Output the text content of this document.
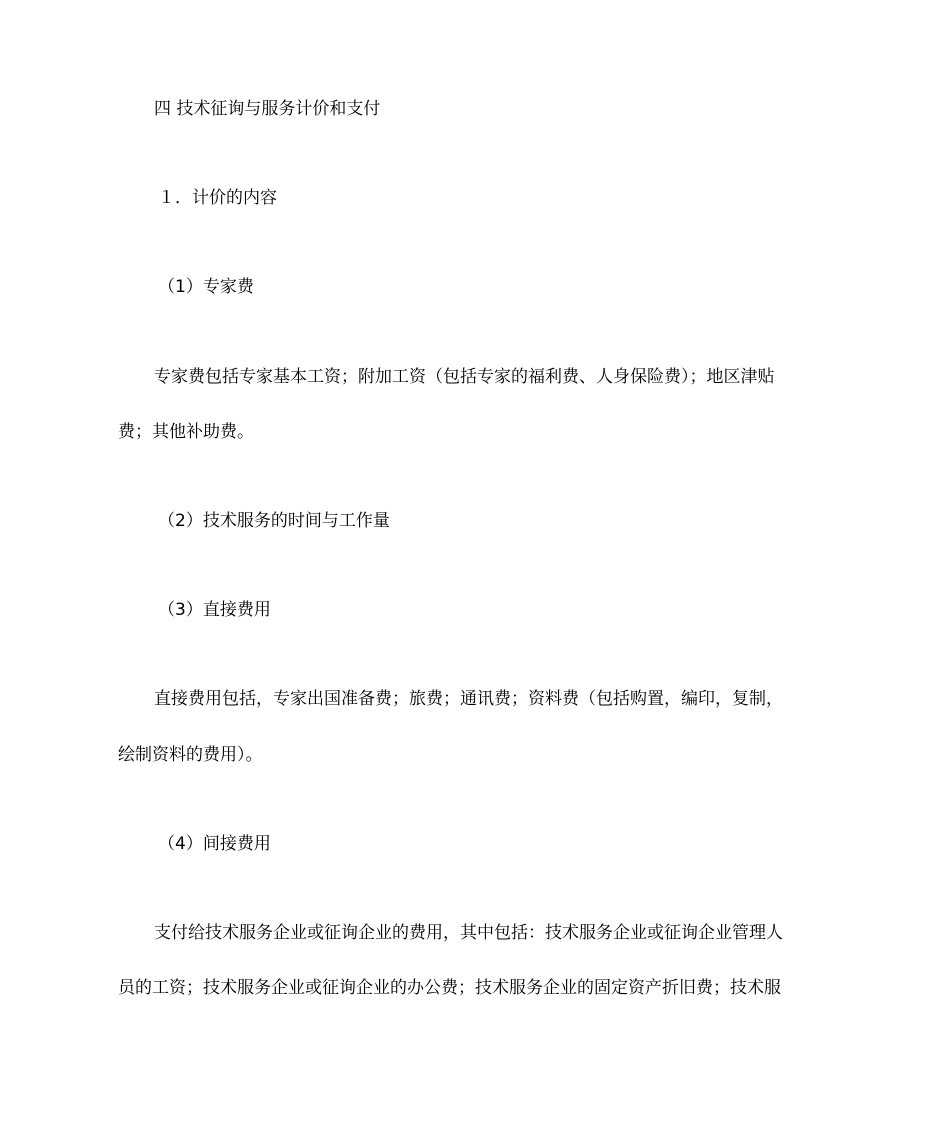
四 技术征询与服务计价和支付
１．计价的内容
（1）专家费
专家费包括专家基本工资；附加工资（包括专家的福利费、人身保险费）；地区津贴
费；其他补助费。
（2）技术服务的时间与工作量
（3）直接费用
直接费用包括，专家出国准备费；旅费；通讯费；资料费（包括购置，编印，复制，
绘制资料的费用）。
（4）间接费用
支付给技术服务企业或征询企业的费用，其中包括：技术服务企业或征询企业管理人
员的工资；技术服务企业或征询企业的办公费；技术服务企业的固定资产折旧费；技术服
